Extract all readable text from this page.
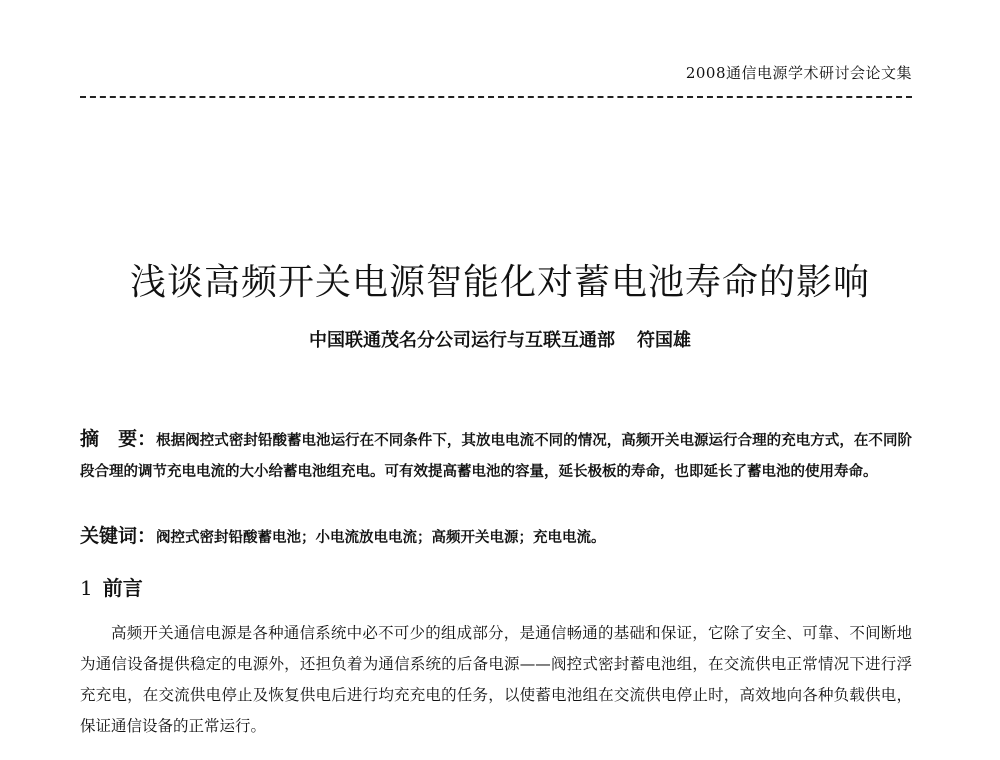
2008通信电源学术研讨会论文集
浅谈高频开关电源智能化对蓄电池寿命的影响
中国联通茂名分公司运行与互联互通部 符国雄

摘　要：根据阀控式密封铅酸蓄电池运行在不同条件下，其放电电流不同的情况，高频开关电源运行合理的充电方式，在不同阶段合理的调节充电电流的大小给蓄电池组充电。可有效提高蓄电池的容量，延长极板的寿命，也即延长了蓄电池的使用寿命。

关键词：阀控式密封铅酸蓄电池；小电流放电电流；高频开关电源；充电电流。

1 前言

高频开关通信电源是各种通信系统中必不可少的组成部分，是通信畅通的基础和保证，它除了安全、可靠、不间断地为通信设备提供稳定的电源外，还担负着为通信系统的后备电源——阀控式密封蓄电池组，在交流供电正常情况下进行浮充充电，在交流供电停止及恢复供电后进行均充充电的任务，以使蓄电池组在交流供电停止时，高效地向各种负载供电，保证通信设备的正常运行。
